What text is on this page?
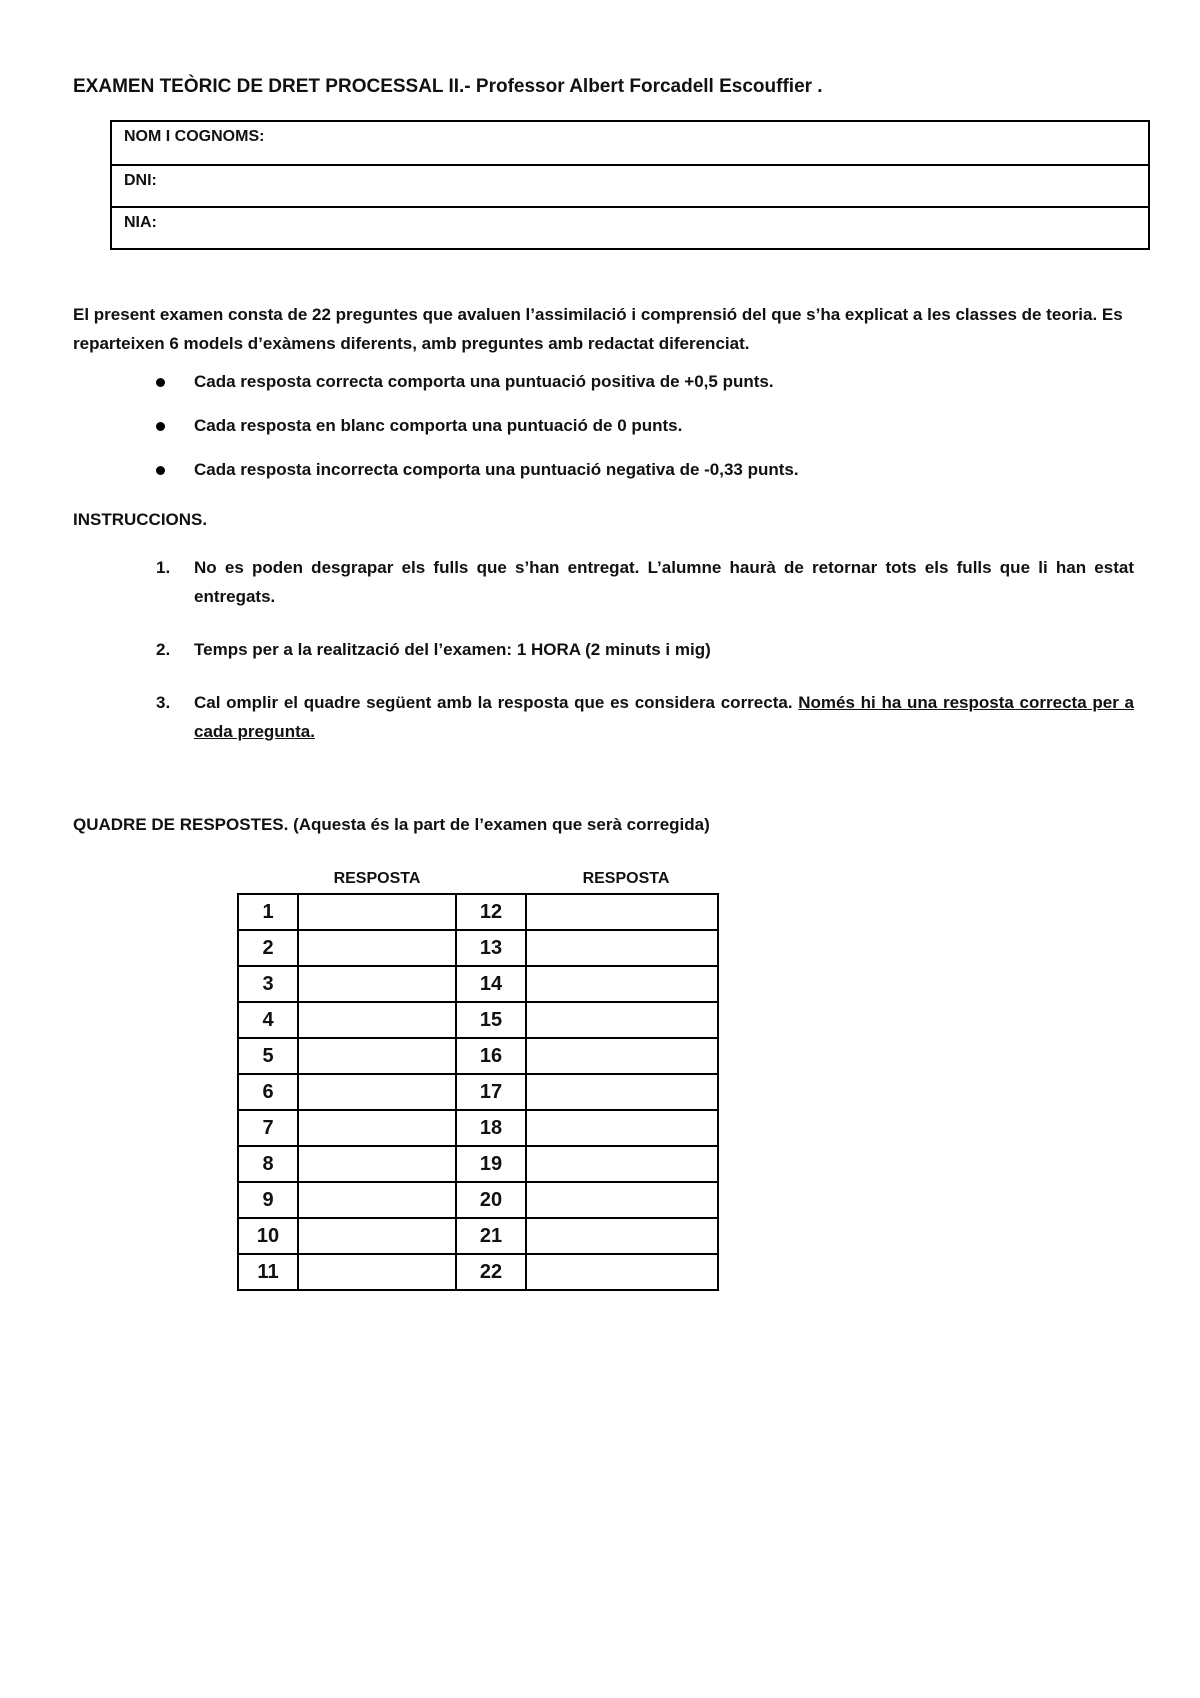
EXAMEN TEÒRIC DE DRET PROCESSAL II.- Professor Albert Forcadell Escouffier .
NOM I COGNOMS:
DNI:
NIA:
El present examen consta de 22 preguntes que avaluen l’assimilació i comprensió del que s’ha explicat a les classes de teoria. Es reparteixen 6 models d’exàmens diferents, amb preguntes amb redactat diferenciat.
Cada resposta correcta comporta una puntuació positiva de +0,5 punts.
Cada resposta en blanc comporta una puntuació de 0 punts.
Cada resposta incorrecta comporta una puntuació negativa de -0,33 punts.
INSTRUCCIONS.
1. No es poden desgrapar els fulls que s’han entregat. L’alumne haurà de retornar tots els fulls que li han estat entregats.
2. Temps per a la realització del l’examen: 1 HORA (2 minuts i mig)
3. Cal omplir el quadre següent amb la resposta que es considera correcta. Només hi ha una resposta correcta per a cada pregunta.
QUADRE DE RESPOSTES. (Aquesta és la part de l’examen que serà corregida)
RESPOSTA	RESPOSTA
1		12	
2		13	
3		14	
4		15	
5		16	
6		17	
7		18	
8		19	
9		20	
10		21	
11		22	
